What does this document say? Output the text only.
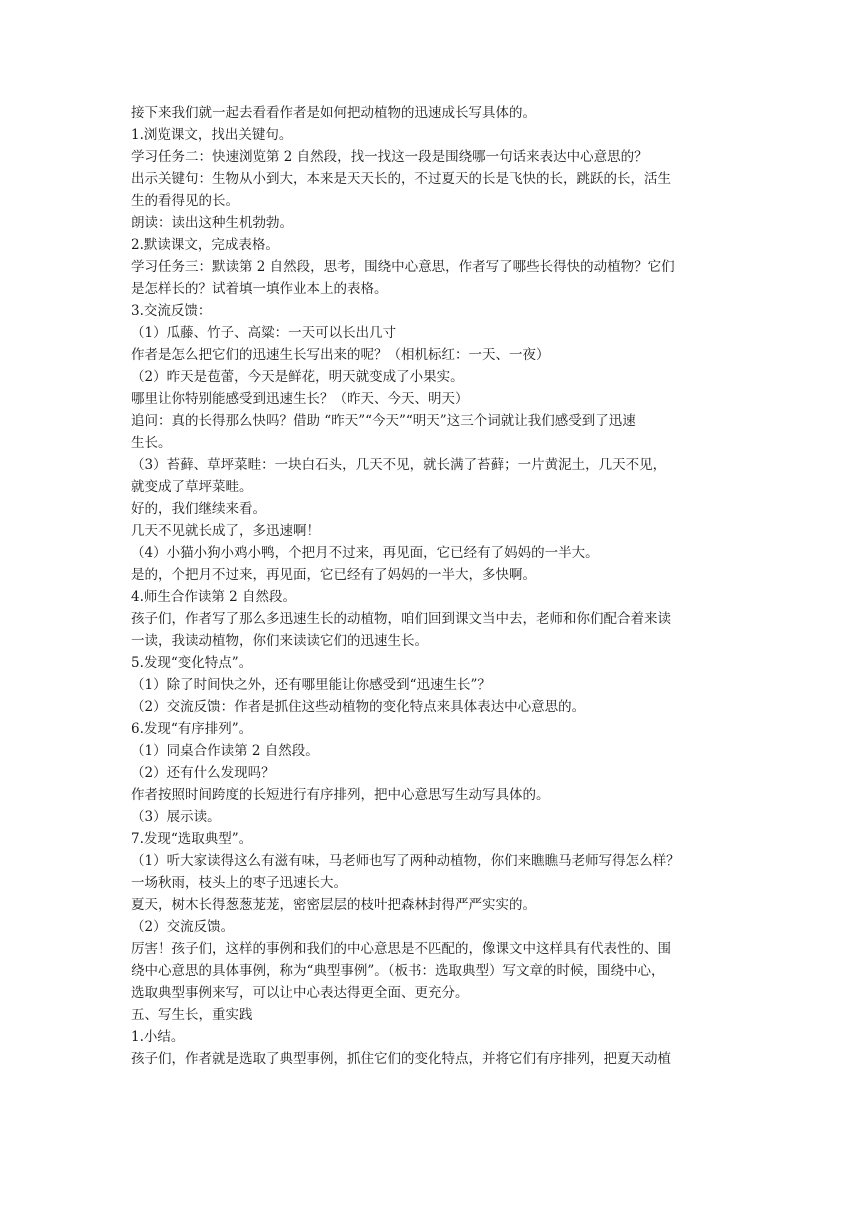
接下来我们就一起去看看作者是如何把动植物的迅速成长写具体的。
1.浏览课文，找出关键句。
学习任务二：快速浏览第 2 自然段，找一找这一段是围绕哪一句话来表达中心意思的？
出示关键句：生物从小到大，本来是天天长的，不过夏天的长是飞快的长，跳跃的长，活生
生的看得见的长。
朗读：读出这种生机勃勃。
2.默读课文，完成表格。
学习任务三：默读第 2 自然段，思考，围绕中心意思，作者写了哪些长得快的动植物？它们
是怎样长的？试着填一填作业本上的表格。
3.交流反馈：
（1）瓜藤、竹子、高粱：一天可以长出几寸
作者是怎么把它们的迅速生长写出来的呢？（相机标红：一天、一夜）
（2）昨天是苞蕾，今天是鲜花，明天就变成了小果实。
哪里让你特别能感受到迅速生长？（昨天、今天、明天）
追问：真的长得那么快吗？借助 “昨天”“今天”“明天”这三个词就让我们感受到了迅速
生长。
（3）苔藓、草坪菜畦：一块白石头，几天不见，就长满了苔藓；一片黄泥土，几天不见，
就变成了草坪菜畦。
好的，我们继续来看。
几天不见就长成了，多迅速啊！
（4）小猫小狗小鸡小鸭，个把月不过来，再见面，它已经有了妈妈的一半大。
是的，个把月不过来，再见面，它已经有了妈妈的一半大，多快啊。
4.师生合作读第 2 自然段。
孩子们，作者写了那么多迅速生长的动植物，咱们回到课文当中去，老师和你们配合着来读
一读，我读动植物，你们来读读它们的迅速生长。
5.发现“变化特点”。
（1）除了时间快之外，还有哪里能让你感受到“迅速生长”？
（2）交流反馈：作者是抓住这些动植物的变化特点来具体表达中心意思的。
6.发现“有序排列”。
（1）同桌合作读第 2 自然段。
（2）还有什么发现吗？
作者按照时间跨度的长短进行有序排列，把中心意思写生动写具体的。
（3）展示读。
7.发现“选取典型”。
（1）听大家读得这么有滋有味，马老师也写了两种动植物，你们来瞧瞧马老师写得怎么样？
一场秋雨，枝头上的枣子迅速长大。
夏天，树木长得葱葱茏茏，密密层层的枝叶把森林封得严严实实的。
（2）交流反馈。
厉害！孩子们，这样的事例和我们的中心意思是不匹配的，像课文中这样具有代表性的、围
绕中心意思的具体事例，称为“典型事例”。（板书：选取典型）写文章的时候，围绕中心，
选取典型事例来写，可以让中心表达得更全面、更充分。
五、写生长，重实践
1.小结。
孩子们，作者就是选取了典型事例，抓住它们的变化特点，并将它们有序排列，把夏天动植
